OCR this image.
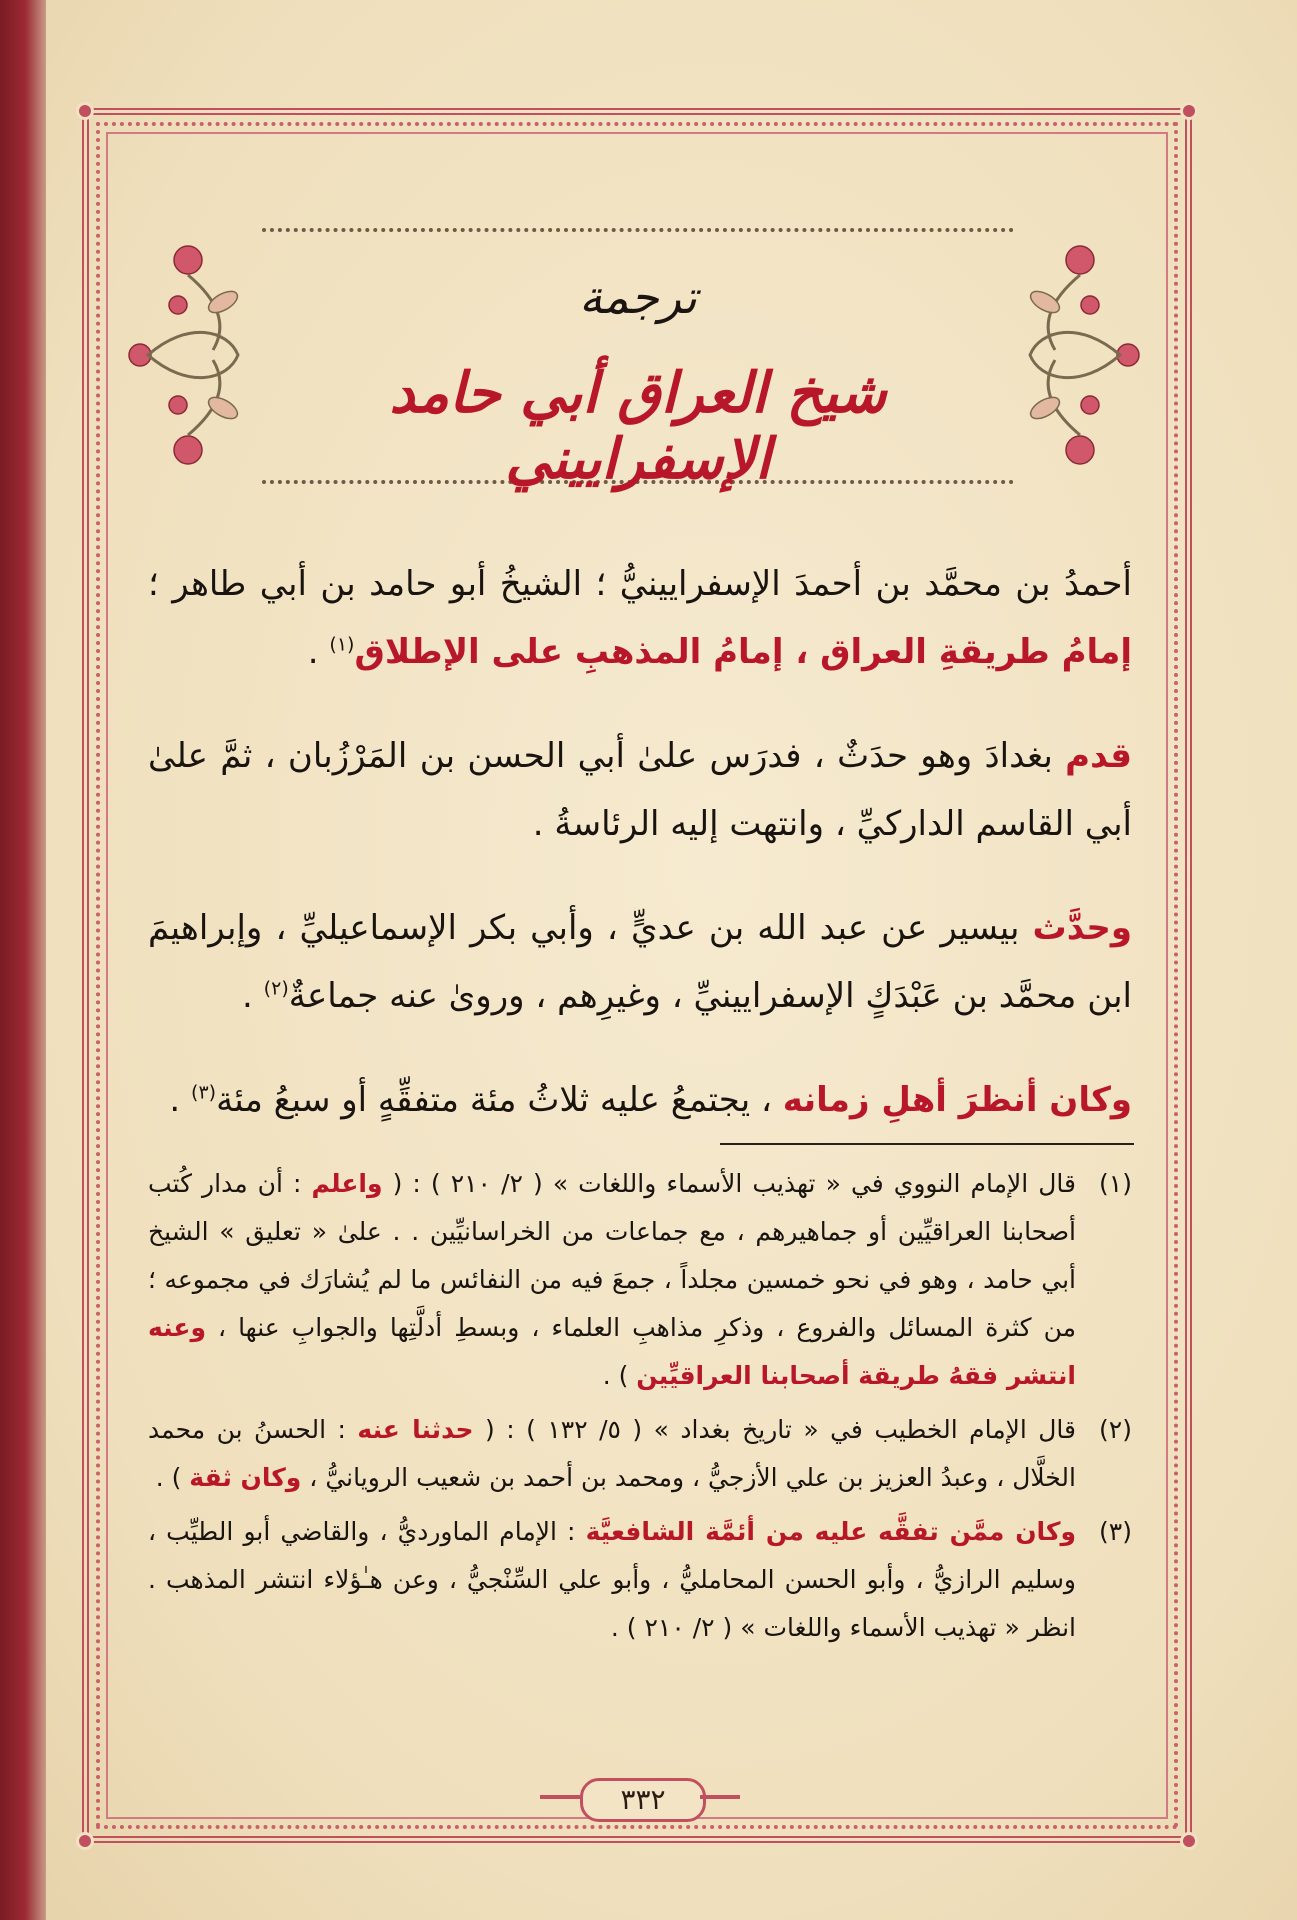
ترجمة
شيخ العراق أبي حامد الإسفراييني

أحمدُ بن محمَّد بن أحمدَ الإسفرايينيُّ ؛ الشيخُ أبو حامد بن أبي طاهر ؛ إمامُ طريقةِ العراق ، إمامُ المذهبِ على الإطلاق$^{(١)}$ .

قدم بغدادَ وهو حدَثٌ ، فدرَس علىٰ أبي الحسن بن المَرْزُبان ، ثمَّ علىٰ أبي القاسم الداركيِّ ، وانتهت إليه الرئاسةُ .

وحدَّث بيسير عن عبد الله بن عديٍّ ، وأبي بكر الإسماعيليِّ ، وإبراهيمَ ابن محمَّد بن عَبْدَكٍ الإسفرايينيِّ ، وغيرِهم ، وروىٰ عنه جماعةٌ$^{(٢)}$ .

وكان أنظرَ أهلِ زمانه ، يجتمعُ عليه ثلاثُ مئة متفقِّهٍ أو سبعُ مئة$^{(٣)}$ .

(١)
قال الإمام النووي في « تهذيب الأسماء واللغات » ( ٢/ ٢١٠ ) : ( واعلم : أن مدار كُتب أصحابنا العراقيِّين أو جماهيرهم ، مع جماعات من الخراسانيِّين . . علىٰ « تعليق » الشيخ أبي حامد ، وهو في نحو خمسين مجلداً ، جمعَ فيه من النفائس ما لم يُشارَك في مجموعه ؛ من كثرة المسائل والفروع ، وذكرِ مذاهبِ العلماء ، وبسطِ أدلَّتِها والجوابِ عنها ، وعنه انتشر فقهُ طريقة أصحابنا العراقيِّين ) .
(٢)
قال الإمام الخطيب في « تاريخ بغداد » ( ٥/ ١٣٢ ) : ( حدثنا عنه : الحسنُ بن محمد الخلَّال ، وعبدُ العزيز بن علي الأزجيُّ ، ومحمد بن أحمد بن شعيب الرويانيُّ ، وكان ثقة ) .
(٣)
وكان ممَّن تفقَّه عليه من أئمَّة الشافعيَّة : الإمام الماورديُّ ، والقاضي أبو الطيِّب ، وسليم الرازيُّ ، وأبو الحسن المحامليُّ ، وأبو علي السِّنْجيُّ ، وعن هـٰؤلاء انتشر المذهب . انظر « تهذيب الأسماء واللغات » ( ٢/ ٢١٠ ) .
٣٣٢
